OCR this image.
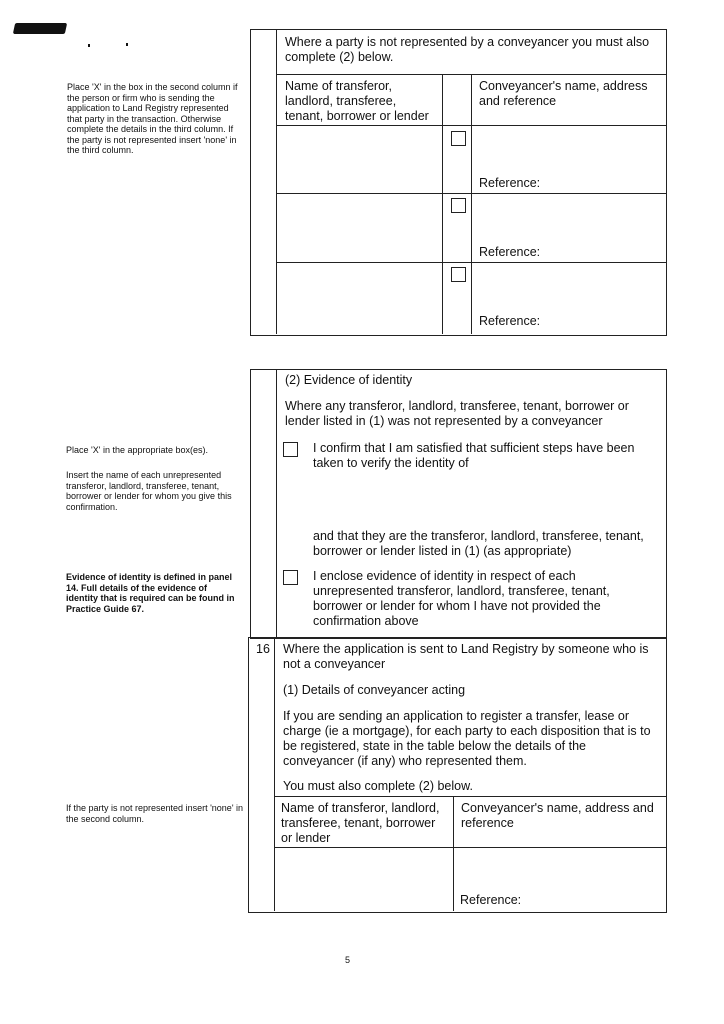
Place 'X' in the box in the second column if the person or firm who is sending the application to Land Registry represented that party in the transaction. Otherwise complete the details in the third column. If the party is not represented insert 'none' in the third column.
Place 'X' in the appropriate box(es).
Insert the name of each unrepresented transferor, landlord, transferee, tenant, borrower or lender for whom you give this confirmation.
Evidence of identity is defined in panel 14. Full details of the evidence of identity that is required can be found in Practice Guide 67.
If the party is not represented insert 'none' in the second column.
Where a party is not represented by a conveyancer you must also complete (2) below.
Name of transferor, landlord, transferee, tenant, borrower or lender
Conveyancer's name, address and reference
Reference:
Reference:
Reference:
(2) Evidence of identity
Where any transferor, landlord, transferee, tenant, borrower or lender listed in (1) was not represented by a conveyancer
I confirm that I am satisfied that sufficient steps have been taken to verify the identity of
and that they are the transferor, landlord, transferee, tenant, borrower or lender listed in (1) (as appropriate)
I enclose evidence of identity in respect of each unrepresented transferor, landlord, transferee, tenant, borrower or lender for whom I have not provided the confirmation above
16 Where the application is sent to Land Registry by someone who is not a conveyancer
(1) Details of conveyancer acting
If you are sending an application to register a transfer, lease or charge (ie a mortgage), for each party to each disposition that is to be registered, state in the table below the details of the conveyancer (if any) who represented them.
You must also complete (2) below.
Name of transferor, landlord, transferee, tenant, borrower or lender
Conveyancer's name, address and reference
Reference:
5
